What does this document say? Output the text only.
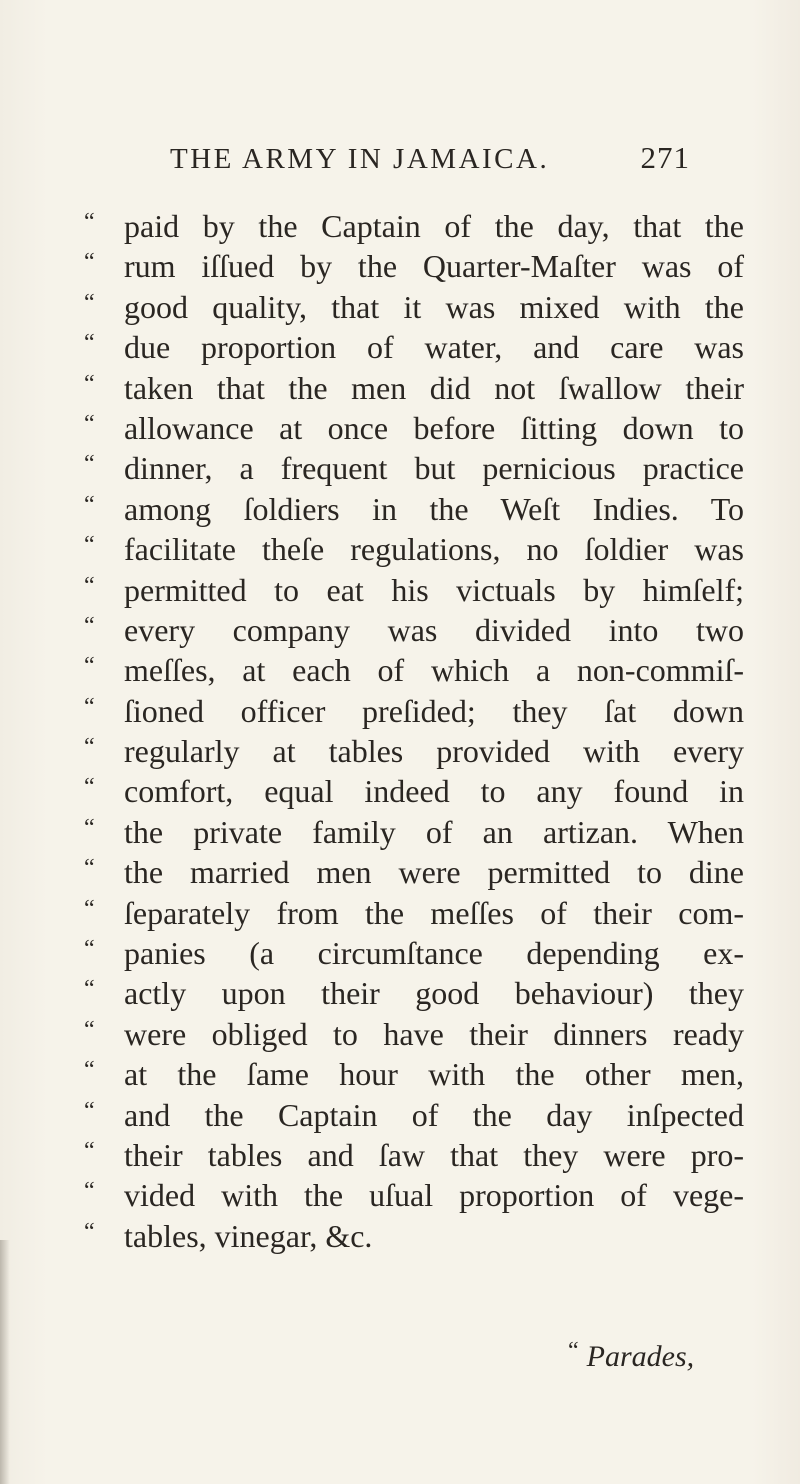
THE ARMY IN JAMAICA.	271
“ paid by the Captain of the day, that the
“ rum iſſued by the Quarter-Maſter was of
“ good quality, that it was mixed with the
“ due proportion of water, and care was
“ taken that the men did not ſwallow their
“ allowance at once before ſitting down to
“ dinner, a frequent but pernicious practice
“ among ſoldiers in the Weſt Indies. To
“ facilitate theſe regulations, no ſoldier was
“ permitted to eat his victuals by himſelf;
“ every company was divided into two
“ meſſes, at each of which a non-commiſ-
“ ſioned officer preſided; they ſat down
“ regularly at tables provided with every
“ comfort, equal indeed to any found in
“ the private family of an artizan. When
“ the married men were permitted to dine
“ ſeparately from the meſſes of their com-
“ panies (a circumſtance depending ex-
“ actly upon their good behaviour) they
“ were obliged to have their dinners ready
“ at the ſame hour with the other men,
“ and the Captain of the day inſpected
“ their tables and ſaw that they were pro-
“ vided with the uſual proportion of vege-
“ tables, vinegar, &c.
“ Parades,
